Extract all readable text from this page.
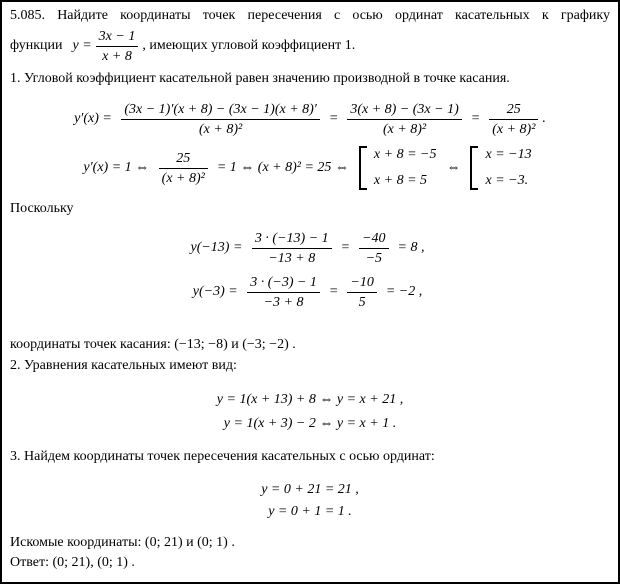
5.085. Найдите координаты точек пересечения с осью ординат касательных к графику
функции $y = \frac{3x - 1}{x + 8}$ , имеющих угловой коэффициент 1.
1. Угловой коэффициент касательной равен значению производной в точке касания.
$y'(x) = \frac{(3x - 1)'(x + 8) - (3x - 1)(x + 8)'}{\text{(x + 8)²}} = \frac{3(x + 8) - (3x - 1)}{\text{(x + 8)²}} = \frac{25}{\text{(x + 8)²}}$ .
y′(x) = 1 ⇔ $\frac{25}{\text{(x + 8)²}} = 1$ ⇔ (x + 8)² = 25 ⇔
x + 8 = −5
x + 8 = 5
⇔
x = −13
x = −3.
Поскольку
$y(-13) = \frac{3 \cdot (-13) - 1}{-13 + 8} = \frac{-40}{-5} = 8$ ,
$y(-3) = \frac{3 \cdot (-3) - 1}{-3 + 8} = \frac{-10}{5} = -2$ ,
координаты точек касания: (−13; −8) и (−3; −2) .
2. Уравнения касательных имеют вид:
y = 1(x + 13) + 8 ⇔ y = x + 21 ,
y = 1(x + 3) − 2 ⇔ y = x + 1 .
3. Найдем координаты точек пересечения касательных с осью ординат:
y = 0 + 21 = 21 ,
y = 0 + 1 = 1 .
Искомые координаты: (0; 21) и (0; 1) .
Ответ: (0; 21), (0; 1) .
